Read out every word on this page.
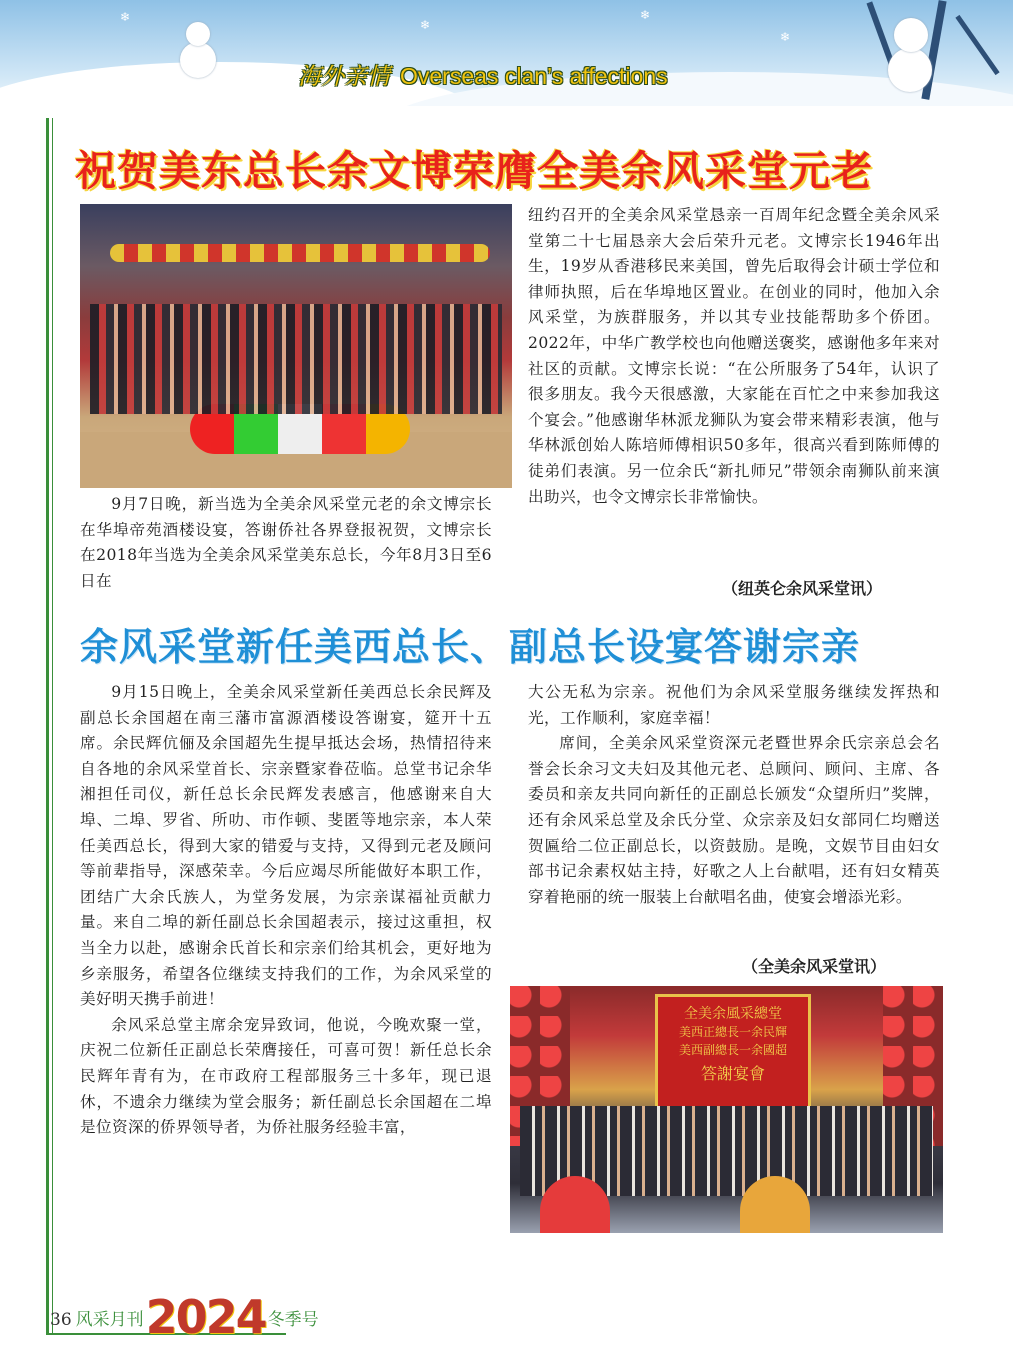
❄
❄
❄
❄
海外亲情 Overseas clan’s affections
祝贺美东总长余文博荣膺全美余风采堂元老

9月7日晚，新当选为全美余风采堂元老的余文博宗长在华埠帝苑酒楼设宴，答谢侨社各界登报祝贺，文博宗长在2018年当选为全美余风采堂美东总长，今年8月3日至6日在

纽约召开的全美余风采堂恳亲一百周年纪念暨全美余风采堂第二十七届恳亲大会后荣升元老。文博宗长1946年出生，19岁从香港移民来美国，曾先后取得会计硕士学位和律师执照，后在华埠地区置业。在创业的同时，他加入余风采堂，为族群服务，并以其专业技能帮助多个侨团。2022年，中华广教学校也向他赠送褒奖，感谢他多年来对社区的贡献。文博宗长说：“在公所服务了54年，认识了很多朋友。我今天很感激，大家能在百忙之中来参加我这个宴会。”他感谢华林派龙狮队为宴会带来精彩表演，他与华林派创始人陈培师傅相识50多年，很高兴看到陈师傅的徒弟们表演。另一位余氏“新扎师兄”带领余南狮队前来演出助兴，也令文博宗长非常愉快。

（纽英仑余风采堂讯）
余风采堂新任美西总长、副总长设宴答谢宗亲

9月15日晚上，全美余风采堂新任美西总长余民辉及副总长余国超在南三藩市富源酒楼设答谢宴，筵开十五席。余民辉伉俪及余国超先生提早抵达会场，热情招待来自各地的余风采堂首长、宗亲暨家眷莅临。总堂书记余华湘担任司仪，新任总长余民辉发表感言，他感谢来自大埠、二埠、罗省、所叻、市作顿、斐匿等地宗亲，本人荣任美西总长，得到大家的错爱与支持，又得到元老及顾问等前辈指导，深感荣幸。今后应竭尽所能做好本职工作，团结广大余氏族人，为堂务发展，为宗亲谋福祉贡献力量。来自二埠的新任副总长余国超表示，接过这重担，权当全力以赴，感谢余氏首长和宗亲们给其机会，更好地为乡亲服务，希望各位继续支持我们的工作，为余风采堂的美好明天携手前进！

余风采总堂主席余宠异致词，他说，今晚欢聚一堂，庆祝二位新任正副总长荣膺接任，可喜可贺！新任总长余民辉年青有为，在市政府工程部服务三十多年，现已退休，不遗余力继续为堂会服务；新任副总长余国超在二埠是位资深的侨界领导者，为侨社服务经验丰富，

大公无私为宗亲。祝他们为余风采堂服务继续发挥热和光，工作顺利，家庭幸福！

席间，全美余风采堂资深元老暨世界余氏宗亲总会名誉会长余习文夫妇及其他元老、总顾问、顾问、主席、各委员和亲友共同向新任的正副总长颁发“众望所归”奖牌，还有余风采总堂及余氏分堂、众宗亲及妇女部同仁均赠送贺匾给二位正副总长，以资鼓励。是晚，文娱节目由妇女部书记余素权姑主持，好歌之人上台献唱，还有妇女精英穿着艳丽的统一服装上台献唱名曲，使宴会增添光彩。

（全美余风采堂讯）
全美余風采總堂
美西正總長一余民輝
美西副總長一余國超
答謝宴會
36 风采月刊2024 冬季号
